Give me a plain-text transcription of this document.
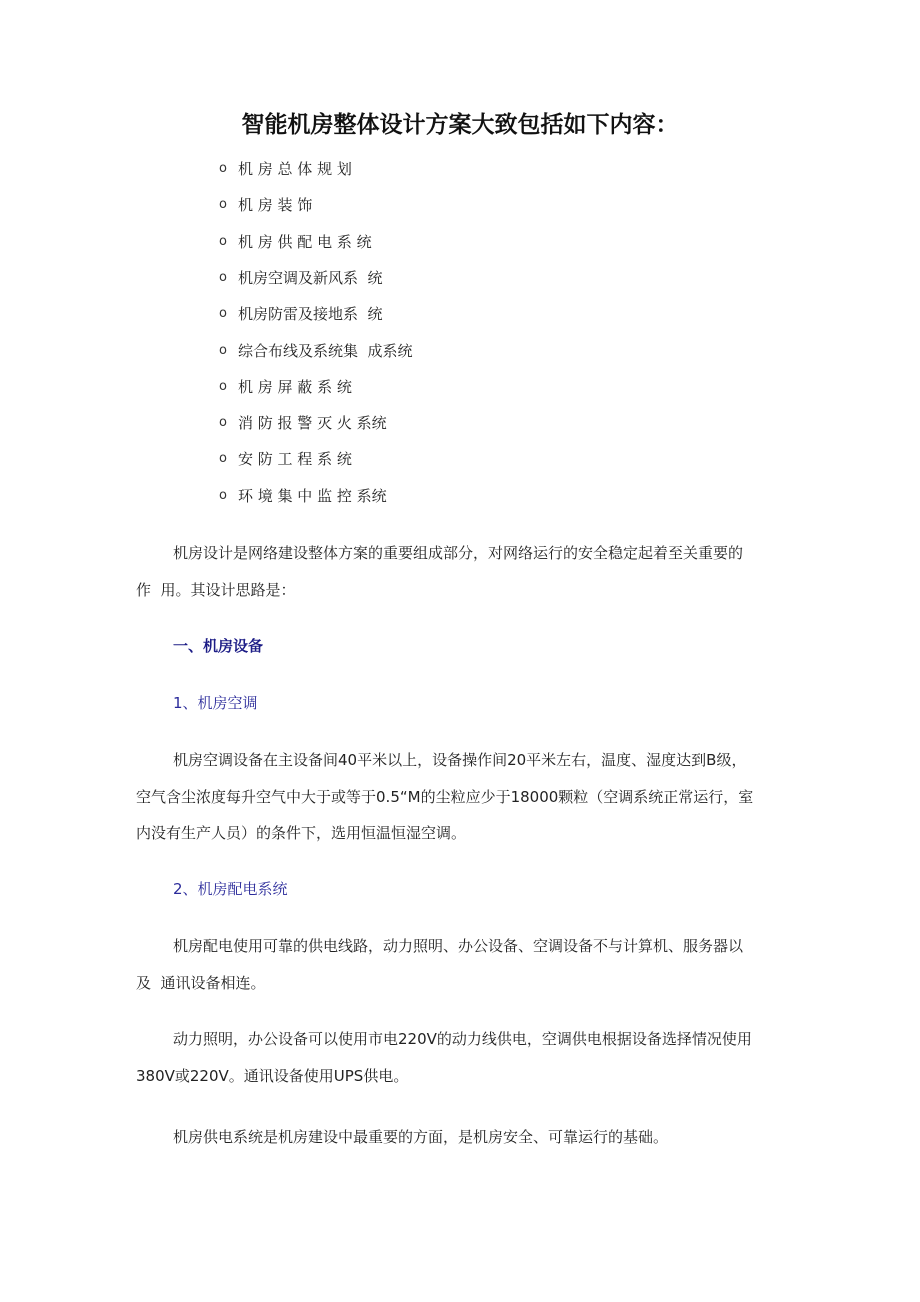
智能机房整体设计方案大致包括如下内容：
o 机 房 总 体 规 划
o 机 房 装 饰
o 机 房 供 配 电 系 统
o 机房空调及新风系  统
o 机房防雷及接地系  统
o 综合布线及系统集  成系统
o 机 房 屏 蔽 系 统
o 消 防 报 警 灭 火 系统
o 安 防 工 程 系 统
o 环 境 集 中 监 控 系统
机房设计是网络建设整体方案的重要组成部分，对网络运行的安全稳定起着至关重要的
作  用。其设计思路是：
一、机房设备
1、机房空调
机房空调设备在主设备间40平米以上，设备操作间20平米左右，温度、湿度达到B级，
空气含尘浓度每升空气中大于或等于0.5“M的尘粒应少于18000颗粒（空调系统正常运行，室
内没有生产人员）的条件下，选用恒温恒湿空调。
2、机房配电系统
机房配电使用可靠的供电线路，动力照明、办公设备、空调设备不与计算机、服务器以
及  通讯设备相连。
动力照明，办公设备可以使用市电220V的动力线供电，空调供电根据设备选择情况使用
380V或220V。通讯设备使用UPS供电。
机房供电系统是机房建设中最重要的方面，是机房安全、可靠运行的基础。
